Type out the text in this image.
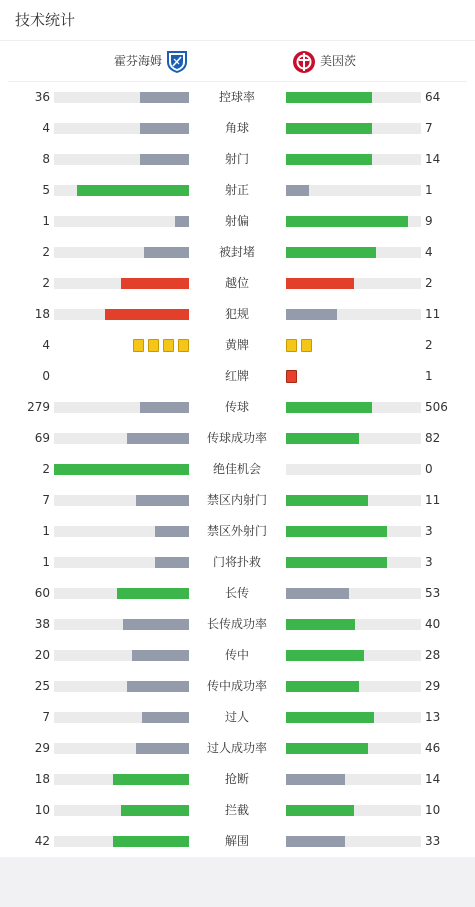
技术统计
霍芬海姆	美因茨
36	控球率	64
4	角球	7
8	射门	14
5	射正	1
1	射偏	9
2	被封堵	4
2	越位	2
18	犯规	11
4	黄牌	2
0	红牌	1
279	传球	506
69	传球成功率	82
2	绝佳机会	0
7	禁区内射门	11
1	禁区外射门	3
1	门将扑救	3
60	长传	53
38	长传成功率	40
20	传中	28
25	传中成功率	29
7	过人	13
29	过人成功率	46
18	抢断	14
10	拦截	10
42	解围	33
